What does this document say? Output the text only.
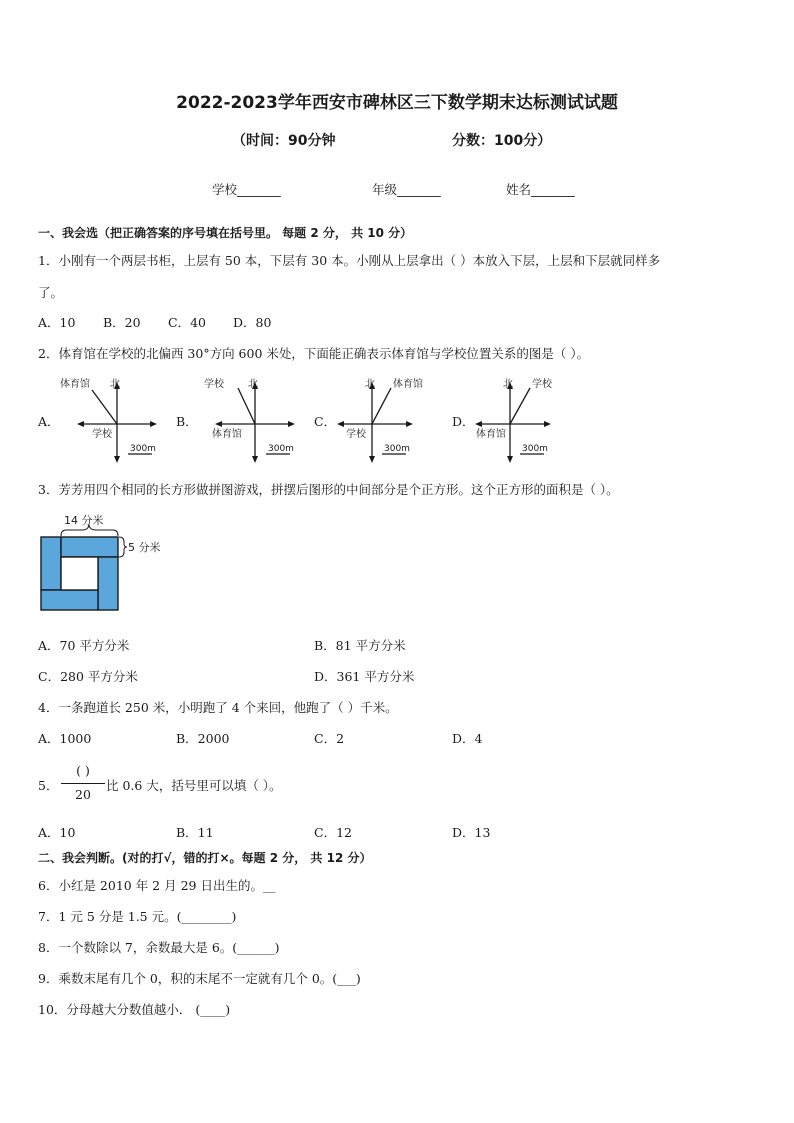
2022-2023学年西安市碑林区三下数学期末达标测试试题
（时间：90分钟	分数：100分）
学校_______	年级_______	姓名_______
一、我会选（把正确答案的序号填在括号里。 每题 2 分， 共 10 分）
1．小刚有一个两层书柜，上层有 50 本，下层有 30 本。小刚从上层拿出（ ）本放入下层，上层和下层就同样多
了。
A．10 B．20 C．40 D．80
2．体育馆在学校的北偏西 30°方向 600 米处，下面能正确表示体育馆与学校位置关系的图是（ ）。
A．	B．	C．	D．
体育馆 北
学校
300m
学校 北
体育馆
300m
体育馆
北
学校
300m
学校
北
体育馆
300m
3．芳芳用四个相同的长方形做拼图游戏，拼摆后图形的中间部分是个正方形。这个正方形的面积是（ ）。
14 分米
5 分米
A．70 平方分米	B．81 平方分米
C．280 平方分米	D．361 平方分米
4．一条跑道长 250 米，小明跑了 4 个来回，他跑了（ ）千米。
A．1000	B．2000	C．2	D．4
5．
( )
20
比 0.6 大，括号里可以填（ ）。
A．10	B．11	C．12	D．13
二、我会判断。(对的打√，错的打×。每题 2 分， 共 12 分）
6．小红是 2010 年 2 月 29 日出生的。__
7．1 元 5 分是 1.5 元。(________)
8．一个数除以 7，余数最大是 6。(______)
9．乘数末尾有几个 0，积的末尾不一定就有几个 0。(___)
10．分母越大分数值越小． (____)
